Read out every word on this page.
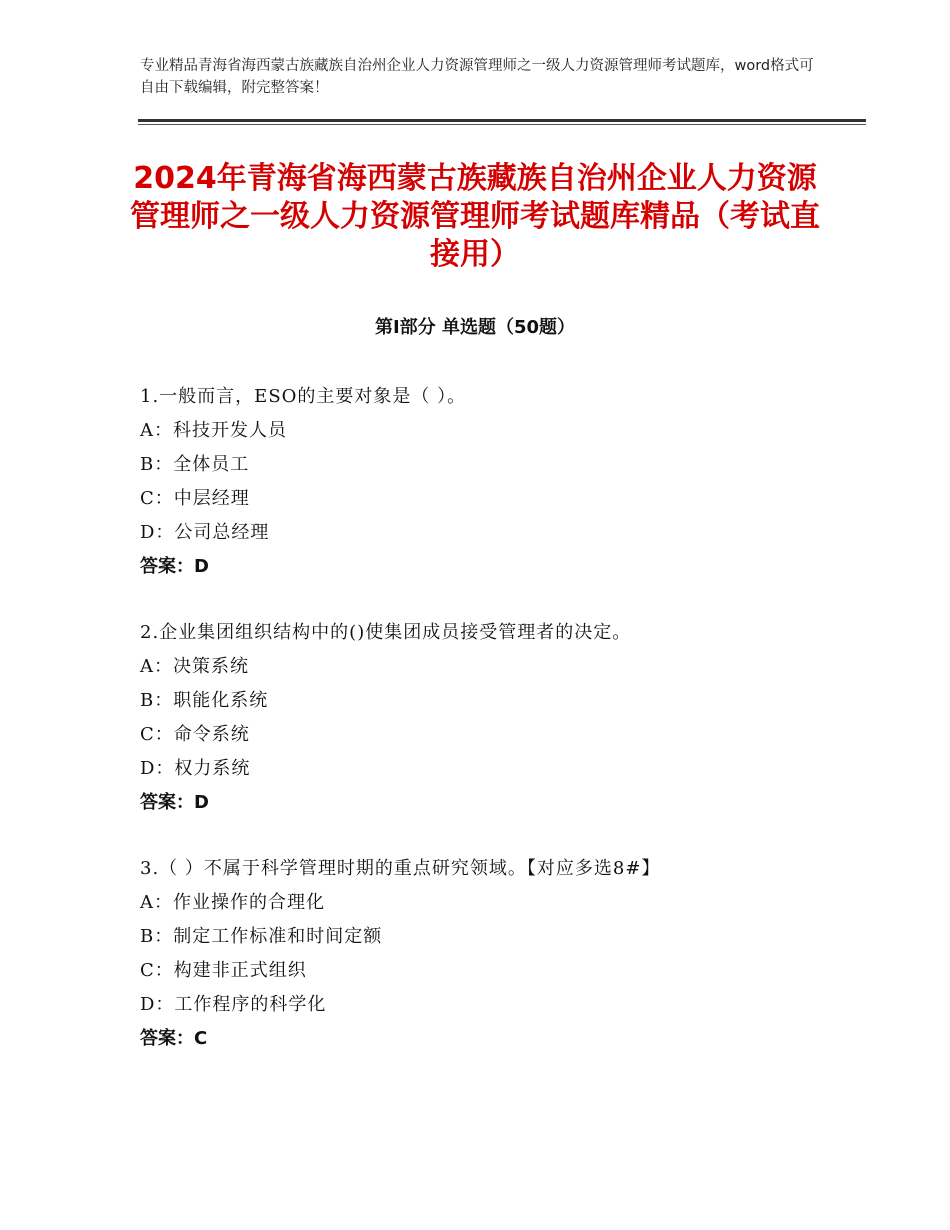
专业精品青海省海西蒙古族藏族自治州企业人力资源管理师之一级人力资源管理师考试题库，word格式可自由下载编辑，附完整答案！
2024年青海省海西蒙古族藏族自治州企业人力资源管理师之一级人力资源管理师考试题库精品（考试直接用）
第Ⅰ部分 单选题（50题）
1.一般而言，ESO的主要对象是（ ）。
A：科技开发人员
B：全体员工
C：中层经理
D：公司总经理
答案：D
2.企业集团组织结构中的()使集团成员接受管理者的决定。
A：决策系统
B：职能化系统
C：命令系统
D：权力系统
答案：D
3.（ ）不属于科学管理时期的重点研究领域。【对应多选8#】
A：作业操作的合理化
B：制定工作标准和时间定额
C：构建非正式组织
D：工作程序的科学化
答案：C
